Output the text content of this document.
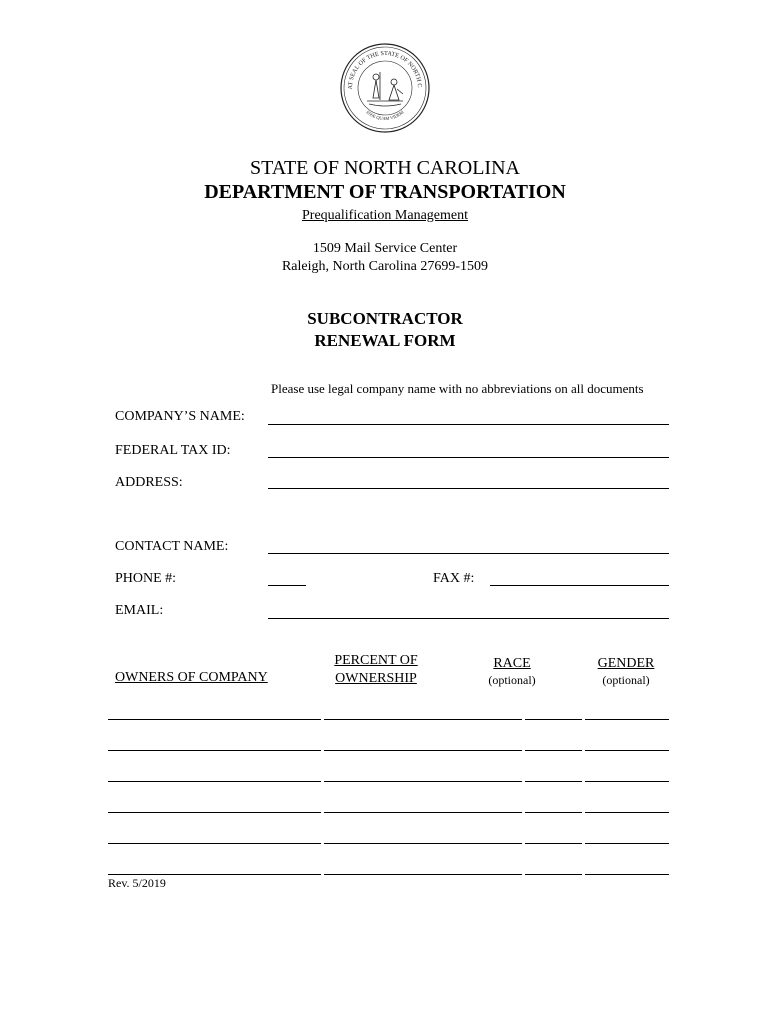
AT SEAL OF THE STATE OF NORTH C
ESSE QUAM VIDERI
STATE OF NORTH CAROLINA
DEPARTMENT OF TRANSPORTATION
Prequalification Management
1509 Mail Service Center
Raleigh, North Carolina 27699-1509
SUBCONTRACTOR
RENEWAL FORM
Please use legal company name with no abbreviations on all documents
COMPANY’S NAME:
FEDERAL TAX ID:
ADDRESS:
CONTACT NAME:
PHONE #:	FAX #:
EMAIL:
OWNERS OF COMPANY
PERCENT OF
OWNERSHIP
RACE
(optional)
GENDER
(optional)
Rev. 5/2019
